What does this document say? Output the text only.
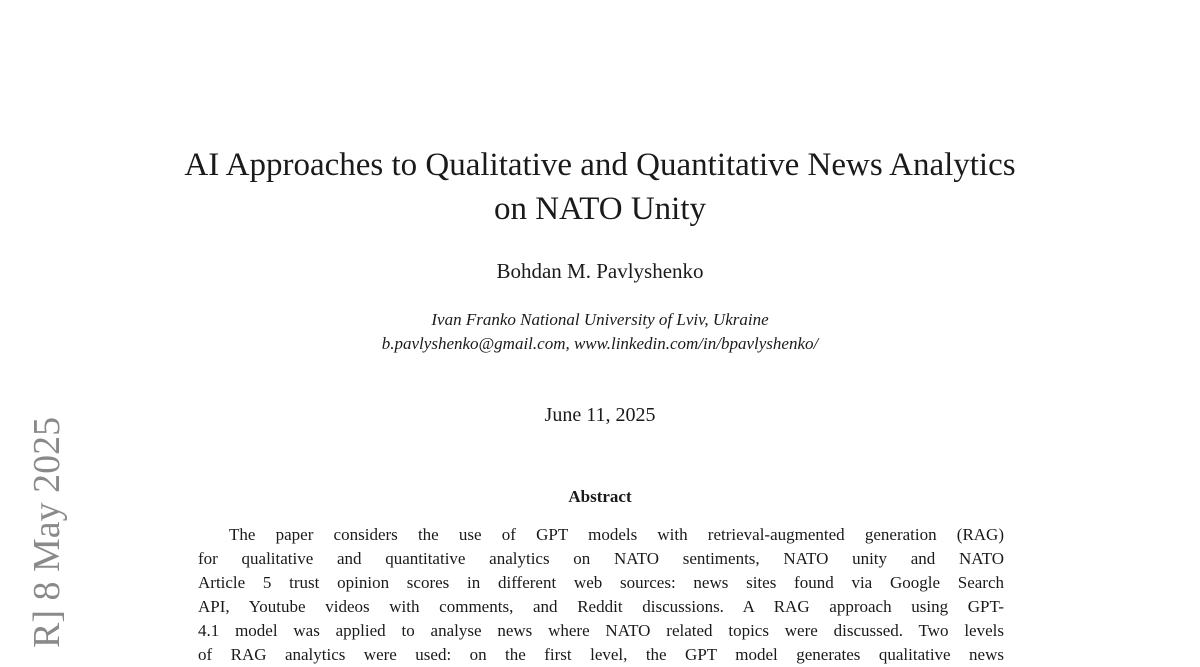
AI Approaches to Qualitative and Quantitative News Analytics
on NATO Unity
Bohdan M. Pavlyshenko
Ivan Franko National University of Lviv, Ukraine
b.pavlyshenko@gmail.com, www.linkedin.com/in/bpavlyshenko/
June 11, 2025
Abstract
The paper considers the use of GPT models with retrieval-augmented generation (RAG)
for qualitative and quantitative analytics on NATO sentiments, NATO unity and NATO
Article 5 trust opinion scores in different web sources: news sites found via Google Search
API, Youtube videos with comments, and Reddit discussions. A RAG approach using GPT-
4.1 model was applied to analyse news where NATO related topics were discussed. Two levels
of RAG analytics were used: on the first level, the GPT model generates qualitative news
R] 8 May 2025
